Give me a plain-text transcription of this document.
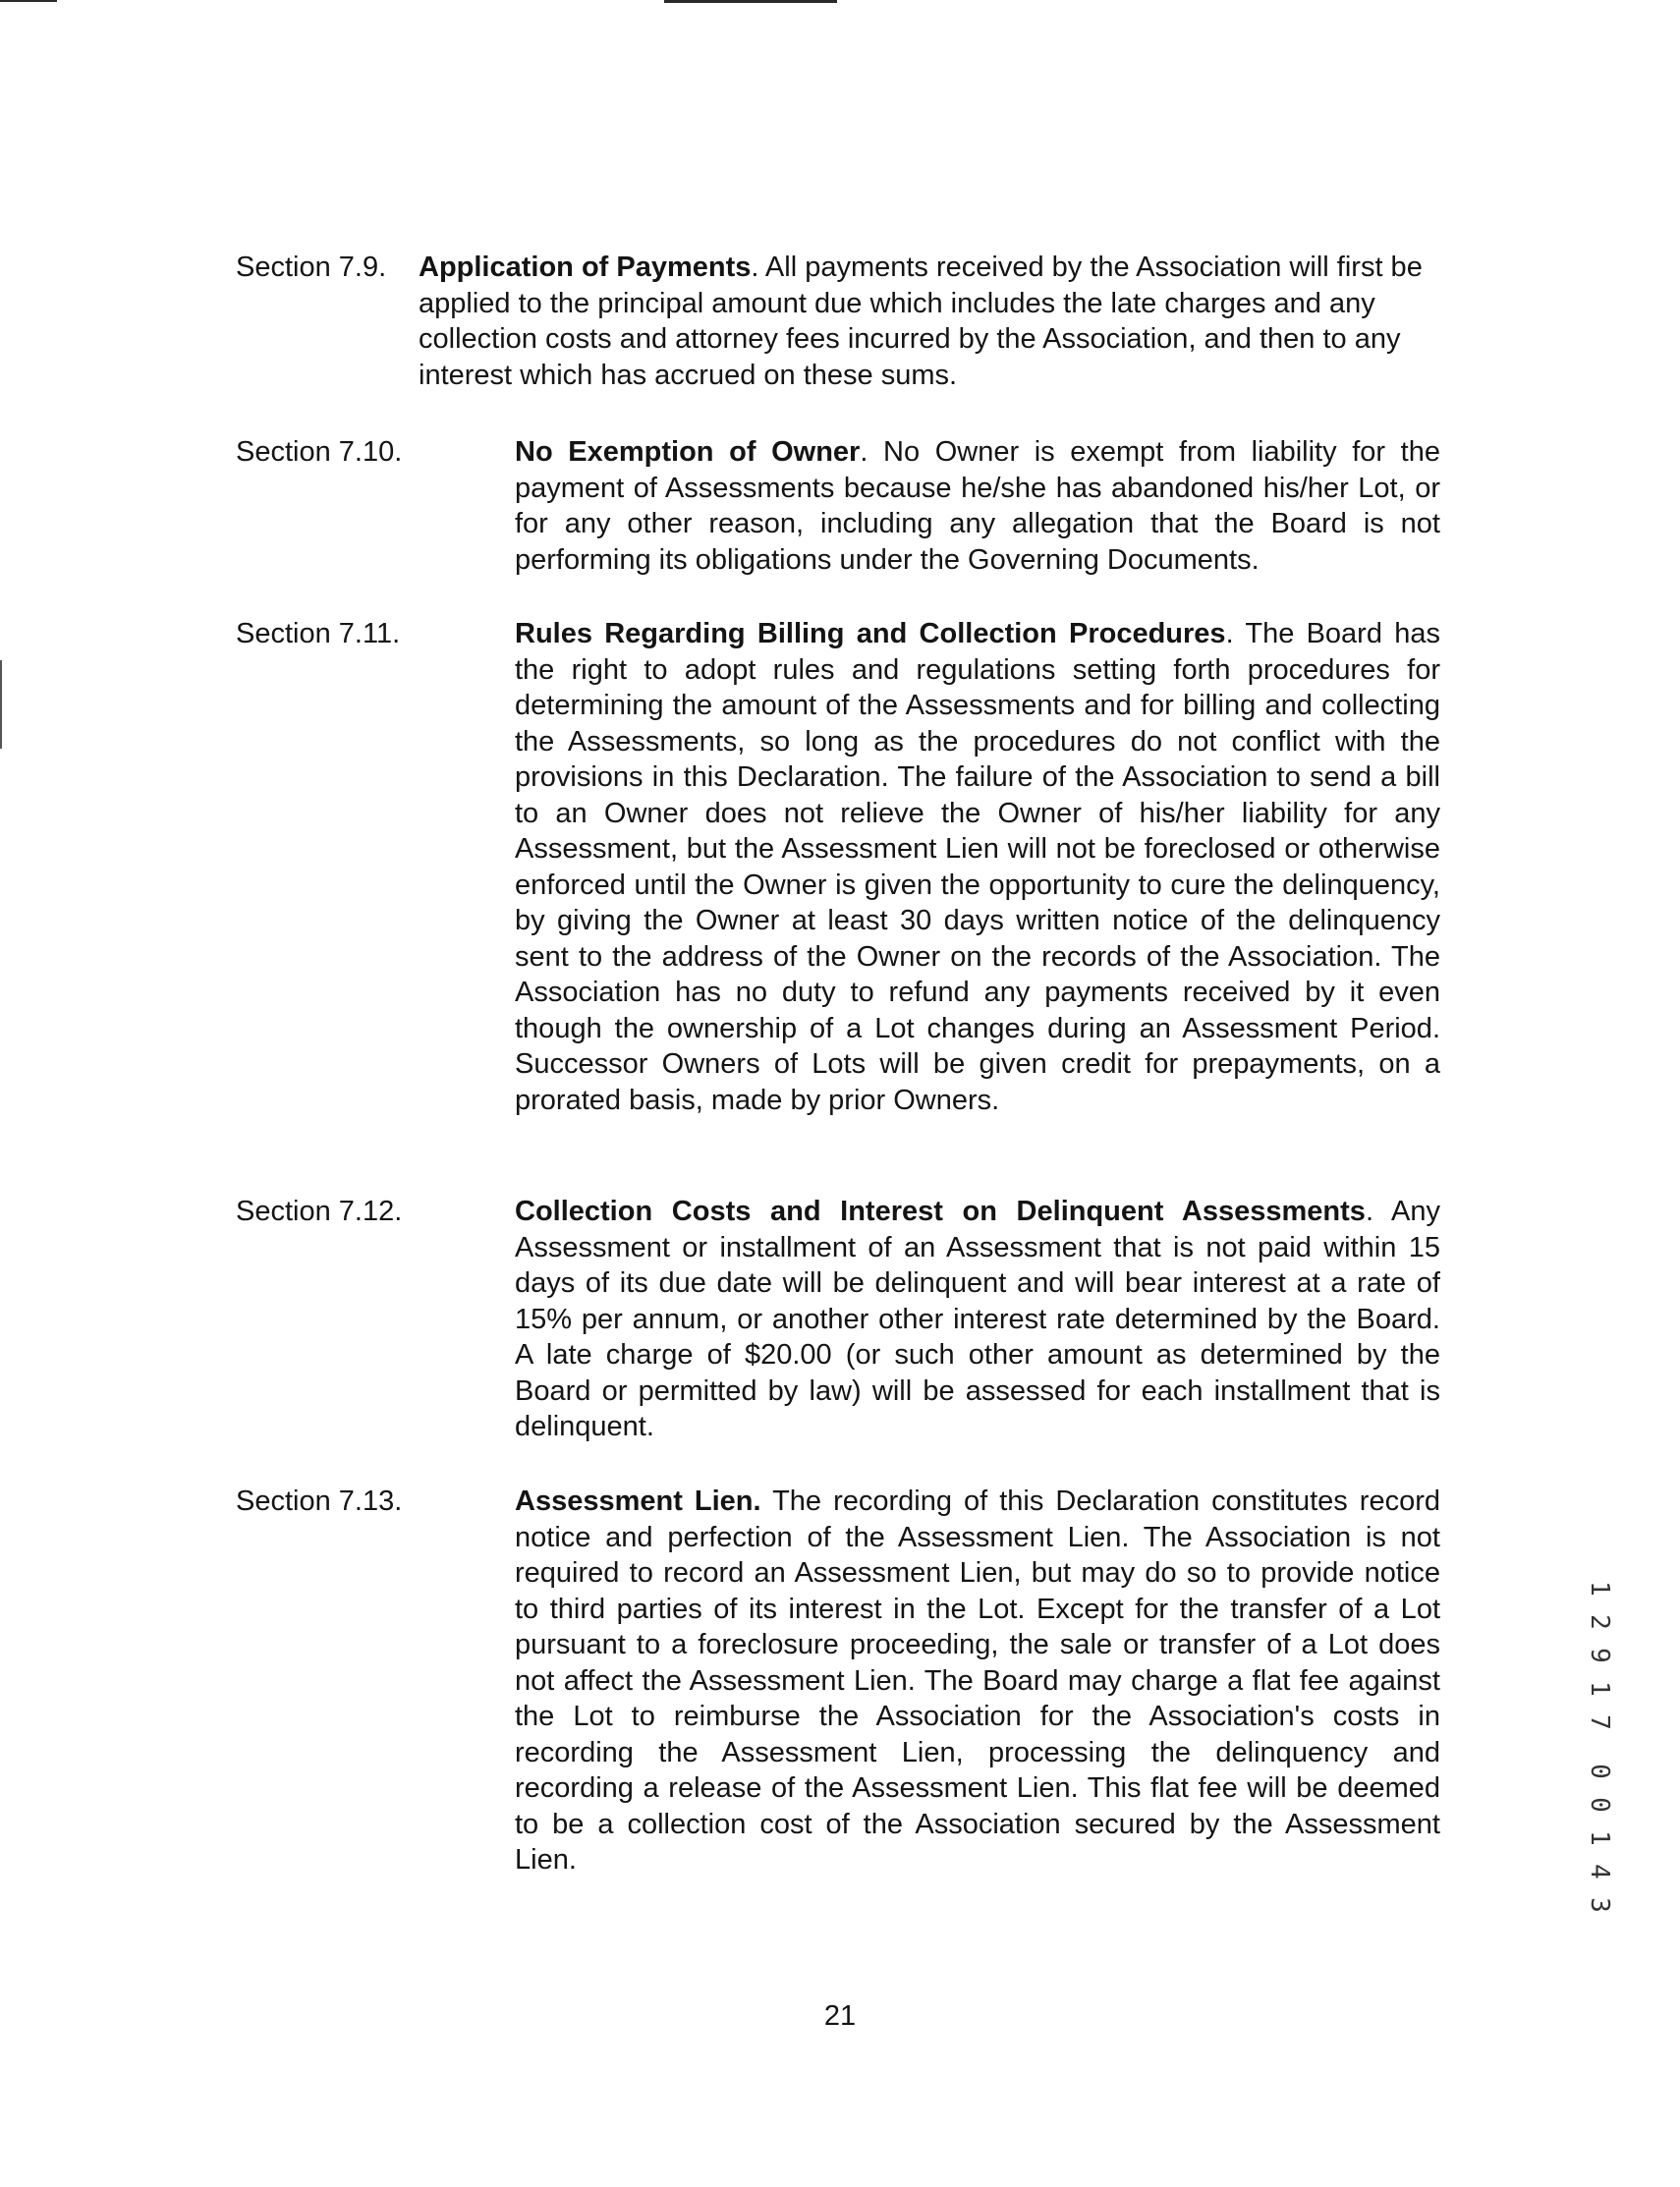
Section 7.9. Application of Payments. All payments received by the Association will first be applied to the principal amount due which includes the late charges and any collection costs and attorney fees incurred by the Association, and then to any interest which has accrued on these sums.
Section 7.10.	No Exemption of Owner. No Owner is exempt from liability for the payment of Assessments because he/she has abandoned his/her Lot, or for any other reason, including any allegation that the Board is not performing its obligations under the Governing Documents.
Section 7.11.	Rules Regarding Billing and Collection Procedures. The Board has the right to adopt rules and regulations setting forth procedures for determining the amount of the Assessments and for billing and collecting the Assessments, so long as the procedures do not conflict with the provisions in this Declaration. The failure of the Association to send a bill to an Owner does not relieve the Owner of his/her liability for any Assessment, but the Assessment Lien will not be foreclosed or otherwise enforced until the Owner is given the opportunity to cure the delinquency, by giving the Owner at least 30 days written notice of the delinquency sent to the address of the Owner on the records of the Association. The Association has no duty to refund any payments received by it even though the ownership of a Lot changes during an Assessment Period. Successor Owners of Lots will be given credit for prepayments, on a prorated basis, made by prior Owners.
Section 7.12.	Collection Costs and Interest on Delinquent Assessments. Any Assessment or installment of an Assessment that is not paid within 15 days of its due date will be delinquent and will bear interest at a rate of 15% per annum, or another other interest rate determined by the Board. A late charge of $20.00 (or such other amount as determined by the Board or permitted by law) will be assessed for each installment that is delinquent.
Section 7.13.	Assessment Lien. The recording of this Declaration constitutes record notice and perfection of the Assessment Lien. The Association is not required to record an Assessment Lien, but may do so to provide notice to third parties of its interest in the Lot. Except for the transfer of a Lot pursuant to a foreclosure proceeding, the sale or transfer of a Lot does not affect the Assessment Lien. The Board may charge a flat fee against the Lot to reimburse the Association for the Association's costs in recording the Assessment Lien, processing the delinquency and recording a release of the Assessment Lien. This flat fee will be deemed to be a collection cost of the Association secured by the Assessment Lien.
21
1
2
9
1
7
0
0
1
4
3
